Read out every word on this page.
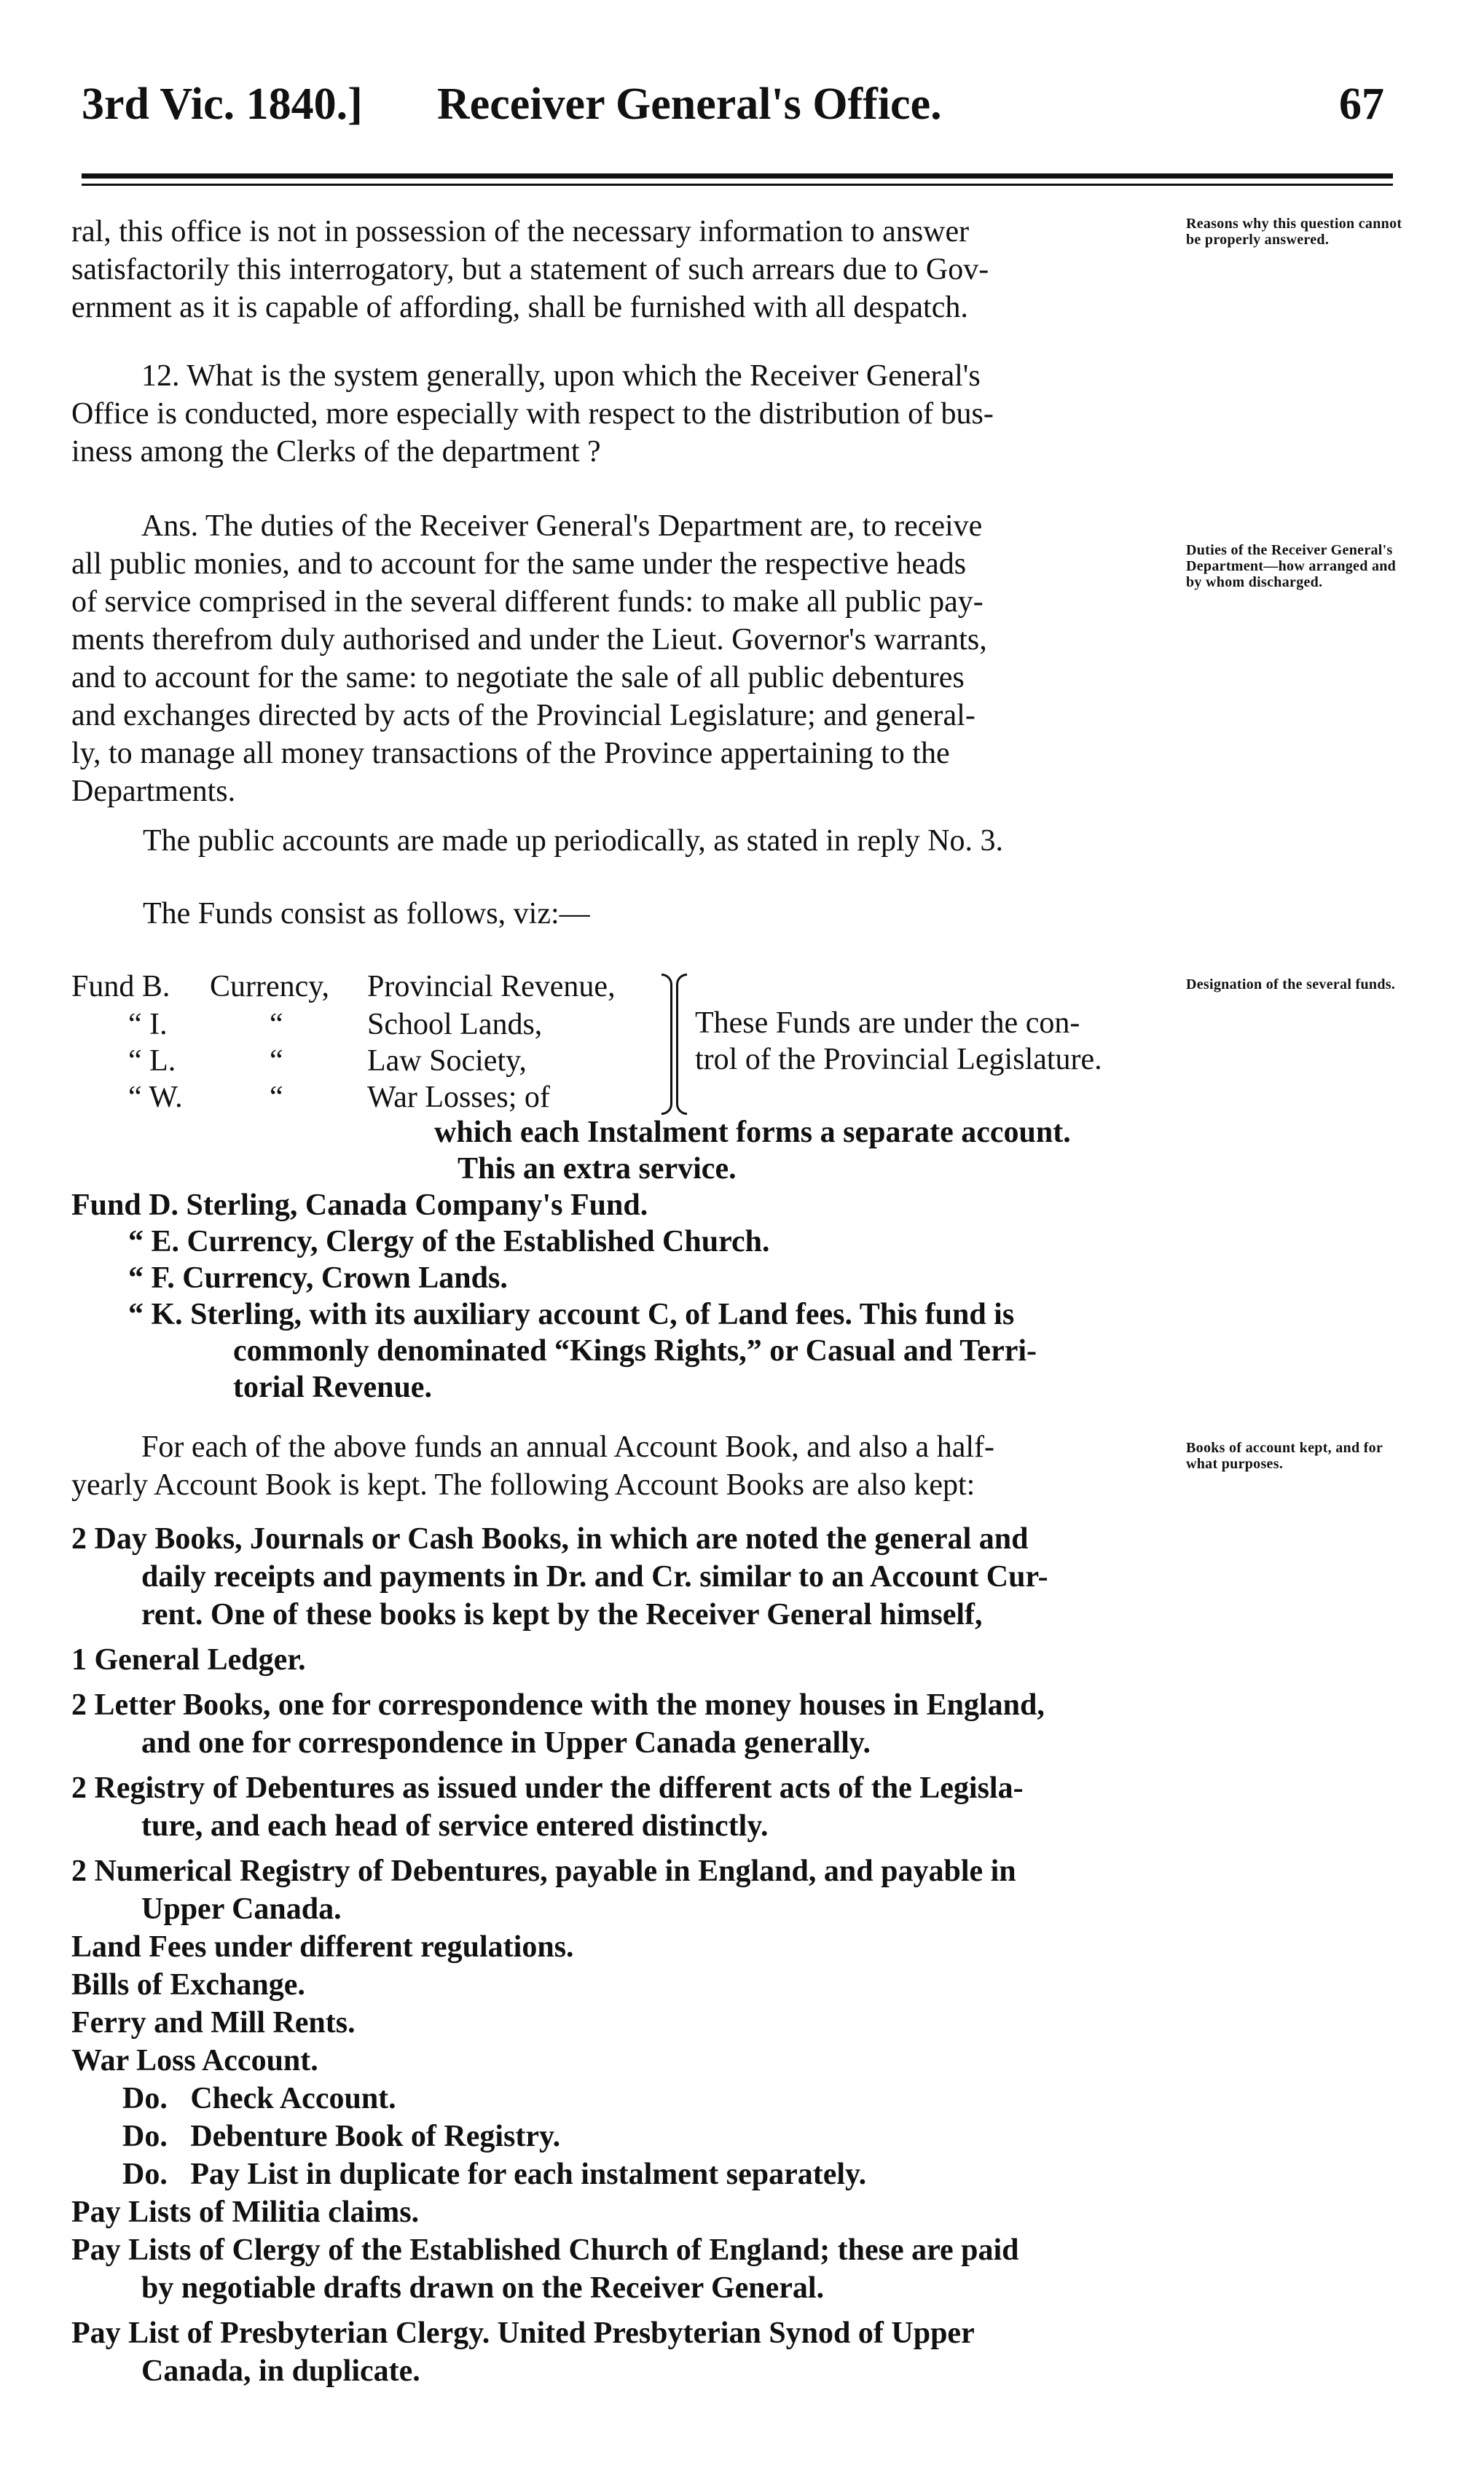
3rd Vic. 1840.] Receiver General's Office.	67

ral, this office is not in possession of the necessary information to answer

satisfactorily this interrogatory, but a statement of such arrears due to Gov-

ernment as it is capable of affording, shall be furnished with all despatch.

Reasons why this question cannot be properly answered.

12. What is the system generally, upon which the Receiver General's

Office is conducted, more especially with respect to the distribution of bus-

iness among the Clerks of the department ?

Ans. The duties of the Receiver General's Department are, to receive

all public monies, and to account for the same under the respective heads

of service comprised in the several different funds: to make all public pay-

ments therefrom duly authorised and under the Lieut. Governor's warrants,

and to account for the same: to negotiate the sale of all public debentures

and exchanges directed by acts of the Provincial Legislature; and general-

ly, to manage all money transactions of the Province appertaining to the

Departments.

Duties of the Receiver General's Department—how arranged and by whom discharged.
The public accounts are made up periodically, as stated in reply No. 3.
The Funds consist as follows, viz:—
Designation of the several funds.
Fund B. Currency, Provincial Revenue,
“ I.	“	School Lands,
“ L.	“	Law Society,
“ W.	“	War Losses; of
These Funds are under the con-
trol of the Provincial Legislature.
which each Instalment forms a separate account.
This an extra service.
Fund D. Sterling, Canada Company's Fund.
“ E. Currency, Clergy of the Established Church.
“ F. Currency, Crown Lands.
“ K. Sterling, with its auxiliary account C, of Land fees. This fund is
commonly denominated “Kings Rights,” or Casual and Terri-
torial Revenue.

For each of the above funds an annual Account Book, and also a half-

yearly Account Book is kept. The following Account Books are also kept:

Books of account kept, and for what purposes.
2 Day Books, Journals or Cash Books, in which are noted the general and
daily receipts and payments in Dr. and Cr. similar to an Account Cur-
rent. One of these books is kept by the Receiver General himself,
1 General Ledger.
2 Letter Books, one for correspondence with the money houses in England,
and one for correspondence in Upper Canada generally.
2 Registry of Debentures as issued under the different acts of the Legisla-
ture, and each head of service entered distinctly.
2 Numerical Registry of Debentures, payable in England, and payable in
Upper Canada.
Land Fees under different regulations.
Bills of Exchange.
Ferry and Mill Rents.
War Loss Account.
Do.   Check Account.
Do.   Debenture Book of Registry.
Do.   Pay List in duplicate for each instalment separately.
Pay Lists of Militia claims.
Pay Lists of Clergy of the Established Church of England; these are paid
by negotiable drafts drawn on the Receiver General.
Pay List of Presbyterian Clergy. United Presbyterian Synod of Upper
Canada, in duplicate.
